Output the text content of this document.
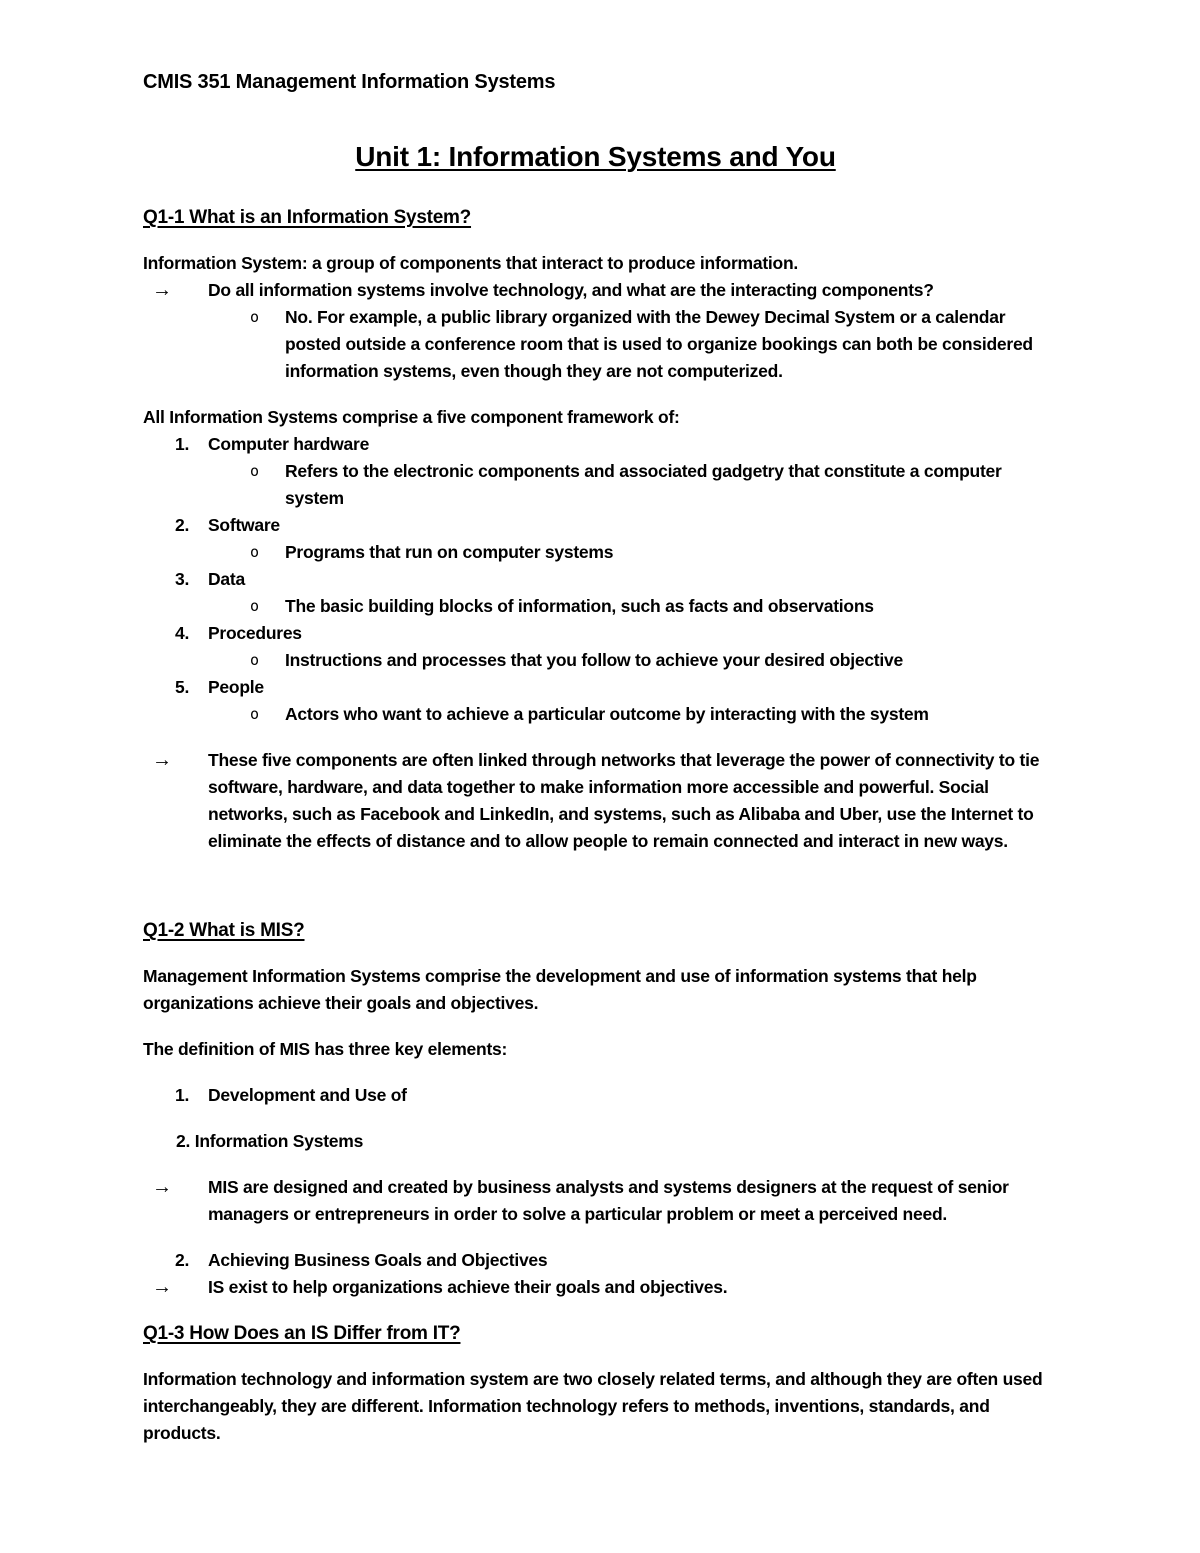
CMIS 351 Management Information Systems
Unit 1: Information Systems and You
Q1-1 What is an Information System?
Information System: a group of components that interact to produce information.
→ Do all information systems involve technology, and what are the interacting components?
o No. For example, a public library organized with the Dewey Decimal System or a calendar posted outside a conference room that is used to organize bookings can both be considered information systems, even though they are not computerized.
All Information Systems comprise a five component framework of:
1. Computer hardware
o Refers to the electronic components and associated gadgetry that constitute a computer system
2. Software
o Programs that run on computer systems
3. Data
o The basic building blocks of information, such as facts and observations
4. Procedures
o Instructions and processes that you follow to achieve your desired objective
5. People
o Actors who want to achieve a particular outcome by interacting with the system
→ These five components are often linked through networks that leverage the power of connectivity to tie software, hardware, and data together to make information more accessible and powerful. Social networks, such as Facebook and LinkedIn, and systems, such as Alibaba and Uber, use the Internet to eliminate the effects of distance and to allow people to remain connected and interact in new ways.
Q1-2 What is MIS?
Management Information Systems comprise the development and use of information systems that help organizations achieve their goals and objectives.
The definition of MIS has three key elements:
1. Development and Use of
2. Information Systems
→ MIS are designed and created by business analysts and systems designers at the request of senior managers or entrepreneurs in order to solve a particular problem or meet a perceived need.
2. Achieving Business Goals and Objectives
→ IS exist to help organizations achieve their goals and objectives.
Q1-3 How Does an IS Differ from IT?
Information technology and information system are two closely related terms, and although they are often used interchangeably, they are different. Information technology refers to methods, inventions, standards, and products.
